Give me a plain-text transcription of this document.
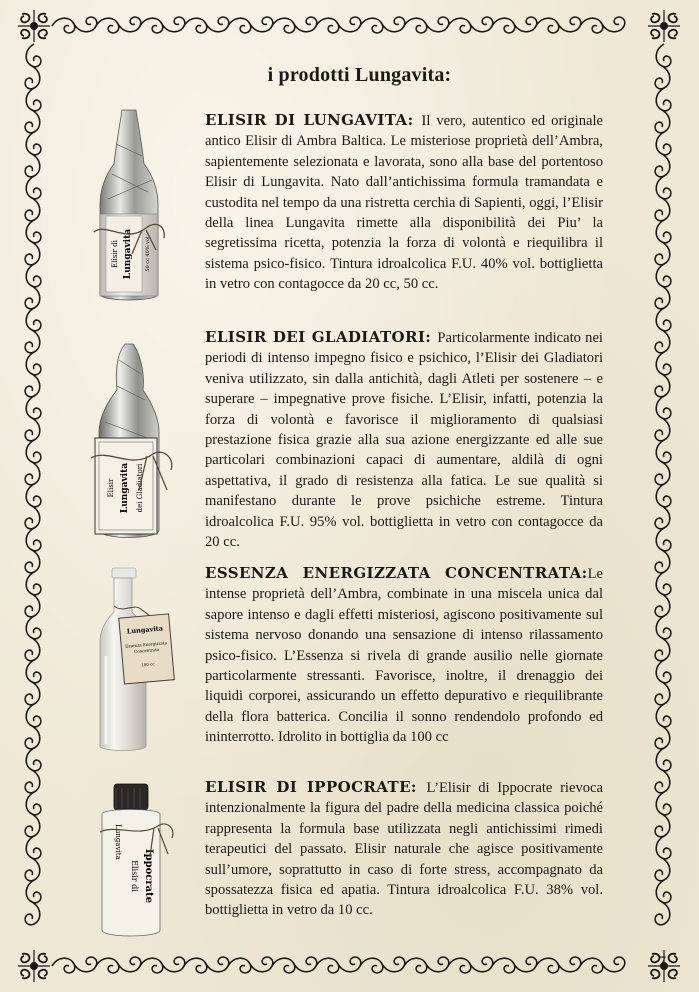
i prodotti Lungavita:
Elisir di Lungavita 50 cc 40% vol

ELISIR DI LUNGAVITA: Il vero, autentico ed originale antico Elisir di Ambra Baltica. Le misteriose proprietà dell’Ambra, sapientemente selezionata e lavorata, sono alla base del portentoso Elisir di Lungavita. Nato dall’antichissima formula tramandata e custodita nel tempo da una ristretta cerchia di Sapienti, oggi, l’Elisir della linea Lungavita rimette alla disponibilità dei Piu’ la segretissima ricetta, potenzia la forza di volontà e riequilibra il sistema psico-fisico. Tintura idroalcolica F.U. 40% vol. bottiglietta in vetro con contagocce da 20 cc, 50 cc.

Elisir Lungavita dei Gladiatori

ELISIR DEI GLADIATORI: Particolarmente indicato nei periodi di intenso impegno fisico e psichico, l’Elisir dei Gladiatori veniva utilizzato, sin dalla antichità, dagli Atleti per sostenere – e superare – impegnative prove fisiche. L’Elisir, infatti, potenzia la forza di volontà e favorisce il miglioramento di qualsiasi prestazione fisica grazie alla sua azione energizzante ed alle sue particolari combinazioni capaci di aumentare, aldilà di ogni aspettativa, il grado di resistenza alla fatica. Le sue qualità si manifestano durante le prove psichiche estreme. Tintura idroalcolica F.U. 95% vol. bottiglietta in vetro con contagocce da 20 cc.

Lungavita
Essenza Energizzata
Concentrata
100 cc

ESSENZA ENERGIZZATA CONCENTRATA:Le intense proprietà dell’Ambra, combinate in una miscela unica dal sapore intenso e dagli effetti misteriosi, agiscono positivamente sul sistema nervoso donando una sensazione di intenso rilassamento psico-fisico. L’Essenza si rivela di grande ausilio nelle giornate particolarmente stressanti. Favorisce, inoltre, il drenaggio dei liquidi corporei, assicurando un effetto depurativo e riequilibrante della flora batterica. Concilia il sonno rendendolo profondo ed ininterrotto. Idrolito in bottiglia da 100 cc

Lungavita
Elisir di Ippocrate

ELISIR DI IPPOCRATE: L’Elisir di Ippocrate rievoca intenzionalmente la figura del padre della medicina classica poiché rappresenta la formula base utilizzata negli antichissimi rimedi terapeutici del passato. Elisir naturale che agisce positivamente sull’umore, soprattutto in caso di forte stress, accompagnato da spossatezza fisica ed apatia. Tintura idroalcolica F.U. 38% vol. bottiglietta in vetro da 10 cc.

7
